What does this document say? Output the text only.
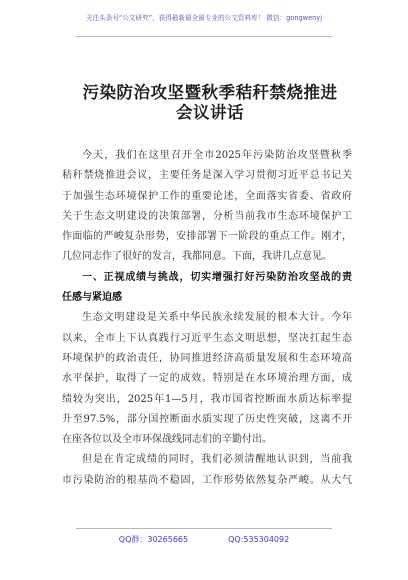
关注头条号“公文研究”，获得最新最全最专业的公文资料库！ 微信：gongwenyj
污染防治攻坚暨秋季秸秆禁烧推进
会议讲话
今天，我们在这里召开全市2025年污染防治攻坚暨秋季
秸秆禁烧推进会议，主要任务是深入学习贯彻习近平总书记关
于加强生态环境保护工作的重要论述，全面落实省委、省政府
关于生态文明建设的决策部署，分析当前我市生态环境保护工
作面临的严峻复杂形势，安排部署下一阶段的重点工作。刚才，
几位同志作了很好的发言，我都同意。下面，我讲几点意见。
一、正视成绩与挑战，切实增强打好污染防治攻坚战的责
任感与紧迫感
生态文明建设是关系中华民族永续发展的根本大计。今年
以来，全市上下认真践行习近平生态文明思想，坚决扛起生态
环境保护的政治责任，协同推进经济高质量发展和生态环境高
水平保护，取得了一定的成效。特别是在水环境治理方面，成
绩较为突出，2025年1—5月，我市国省控断面水质达标率提
升至97.5%，部分国控断面水质实现了历史性突破，这离不开
在座各位以及全市环保战线同志们的辛勤付出。
但是在肯定成绩的同时，我们必须清醒地认识到，当前我
市污染防治的根基尚不稳固，工作形势依然复杂严峻。从大气
QQ群：30265665	QQ:535304092
